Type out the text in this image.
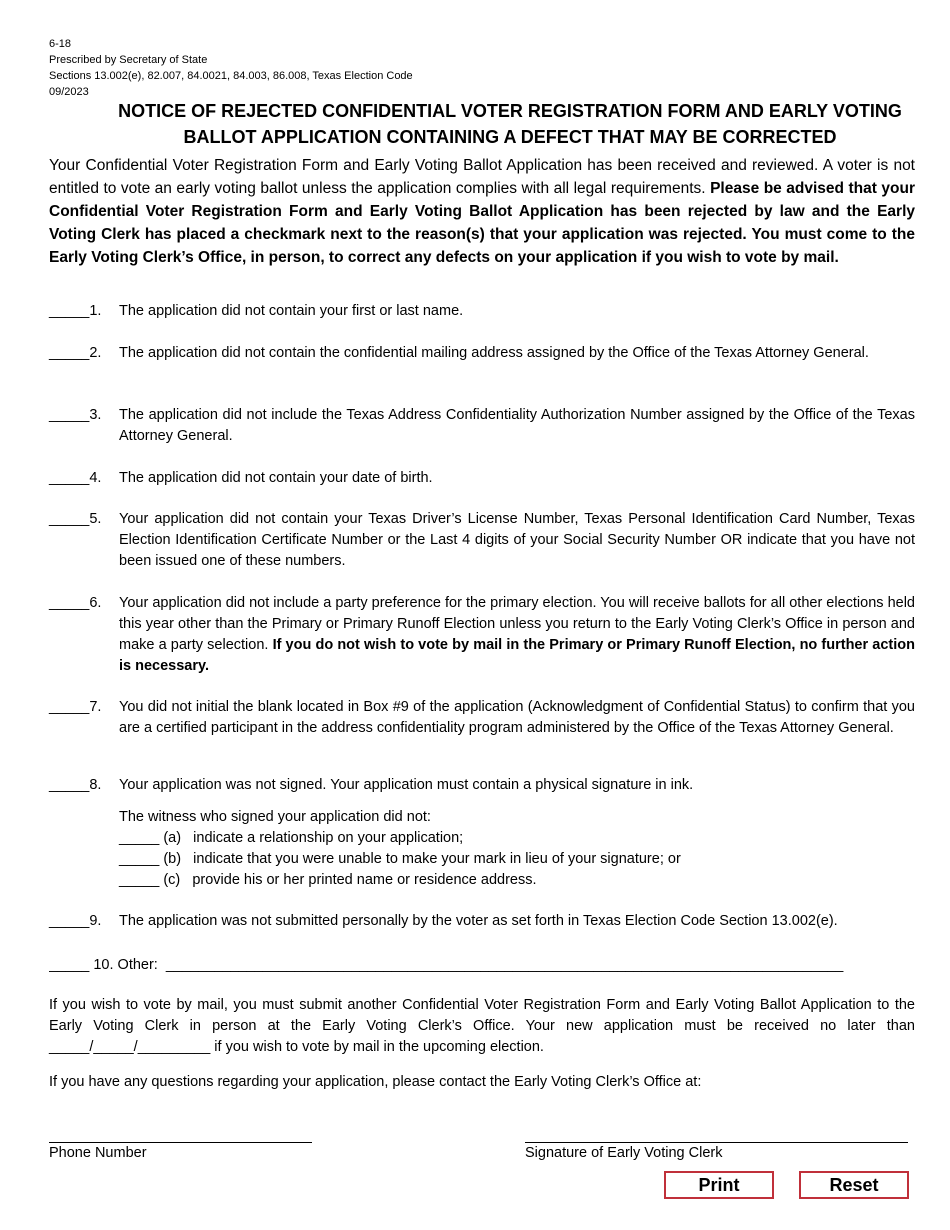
6-18
Prescribed by Secretary of State
Sections 13.002(e), 82.007, 84.0021, 84.003, 86.008, Texas Election Code
09/2023
NOTICE OF REJECTED CONFIDENTIAL VOTER REGISTRATION FORM AND EARLY VOTING
BALLOT APPLICATION CONTAINING A DEFECT THAT MAY BE CORRECTED
Your Confidential Voter Registration Form and Early Voting Ballot Application has been received and reviewed. A voter is not entitled to vote an early voting ballot unless the application complies with all legal requirements. Please be advised that your Confidential Voter Registration Form and Early Voting Ballot Application has been rejected by law and the Early Voting Clerk has placed a checkmark next to the reason(s) that your application was rejected. You must come to the Early Voting Clerk’s Office, in person, to correct any defects on your application if you wish to vote by mail.
_____1. The application did not contain your first or last name.
_____2. The application did not contain the confidential mailing address assigned by the Office of the Texas Attorney General.
_____3. The application did not include the Texas Address Confidentiality Authorization Number assigned by the Office of the Texas Attorney General.
_____4. The application did not contain your date of birth.
_____5. Your application did not contain your Texas Driver’s License Number, Texas Personal Identification Card Number, Texas Election Identification Certificate Number or the Last 4 digits of your Social Security Number OR indicate that you have not been issued one of these numbers.
_____6. Your application did not include a party preference for the primary election. You will receive ballots for all other elections held this year other than the Primary or Primary Runoff Election unless you return to the Early Voting Clerk’s Office in person and make a party selection. If you do not wish to vote by mail in the Primary or Primary Runoff Election, no further action is necessary.
_____7. You did not initial the blank located in Box #9 of the application (Acknowledgment of Confidential Status) to confirm that you are a certified participant in the address confidentiality program administered by the Office of the Texas Attorney General.
_____8. Your application was not signed. Your application must contain a physical signature in ink.
The witness who signed your application did not:
_____ (a)   indicate a relationship on your application;
_____ (b)   indicate that you were unable to make your mark in lieu of your signature; or
_____ (c)   provide his or her printed name or residence address.
_____9. The application was not submitted personally by the voter as set forth in Texas Election Code Section 13.002(e).
_____ 10. Other:  ____________________________________________________________________________________
If you wish to vote by mail, you must submit another Confidential Voter Registration Form and Early Voting Ballot Application to the Early Voting Clerk in person at the Early Voting Clerk’s Office. Your new application must be received no later than _____/_____/_________ if you wish to vote by mail in the upcoming election.
If you have any questions regarding your application, please contact the Early Voting Clerk’s Office at:
Phone Number	Signature of Early Voting Clerk
Print	Reset
